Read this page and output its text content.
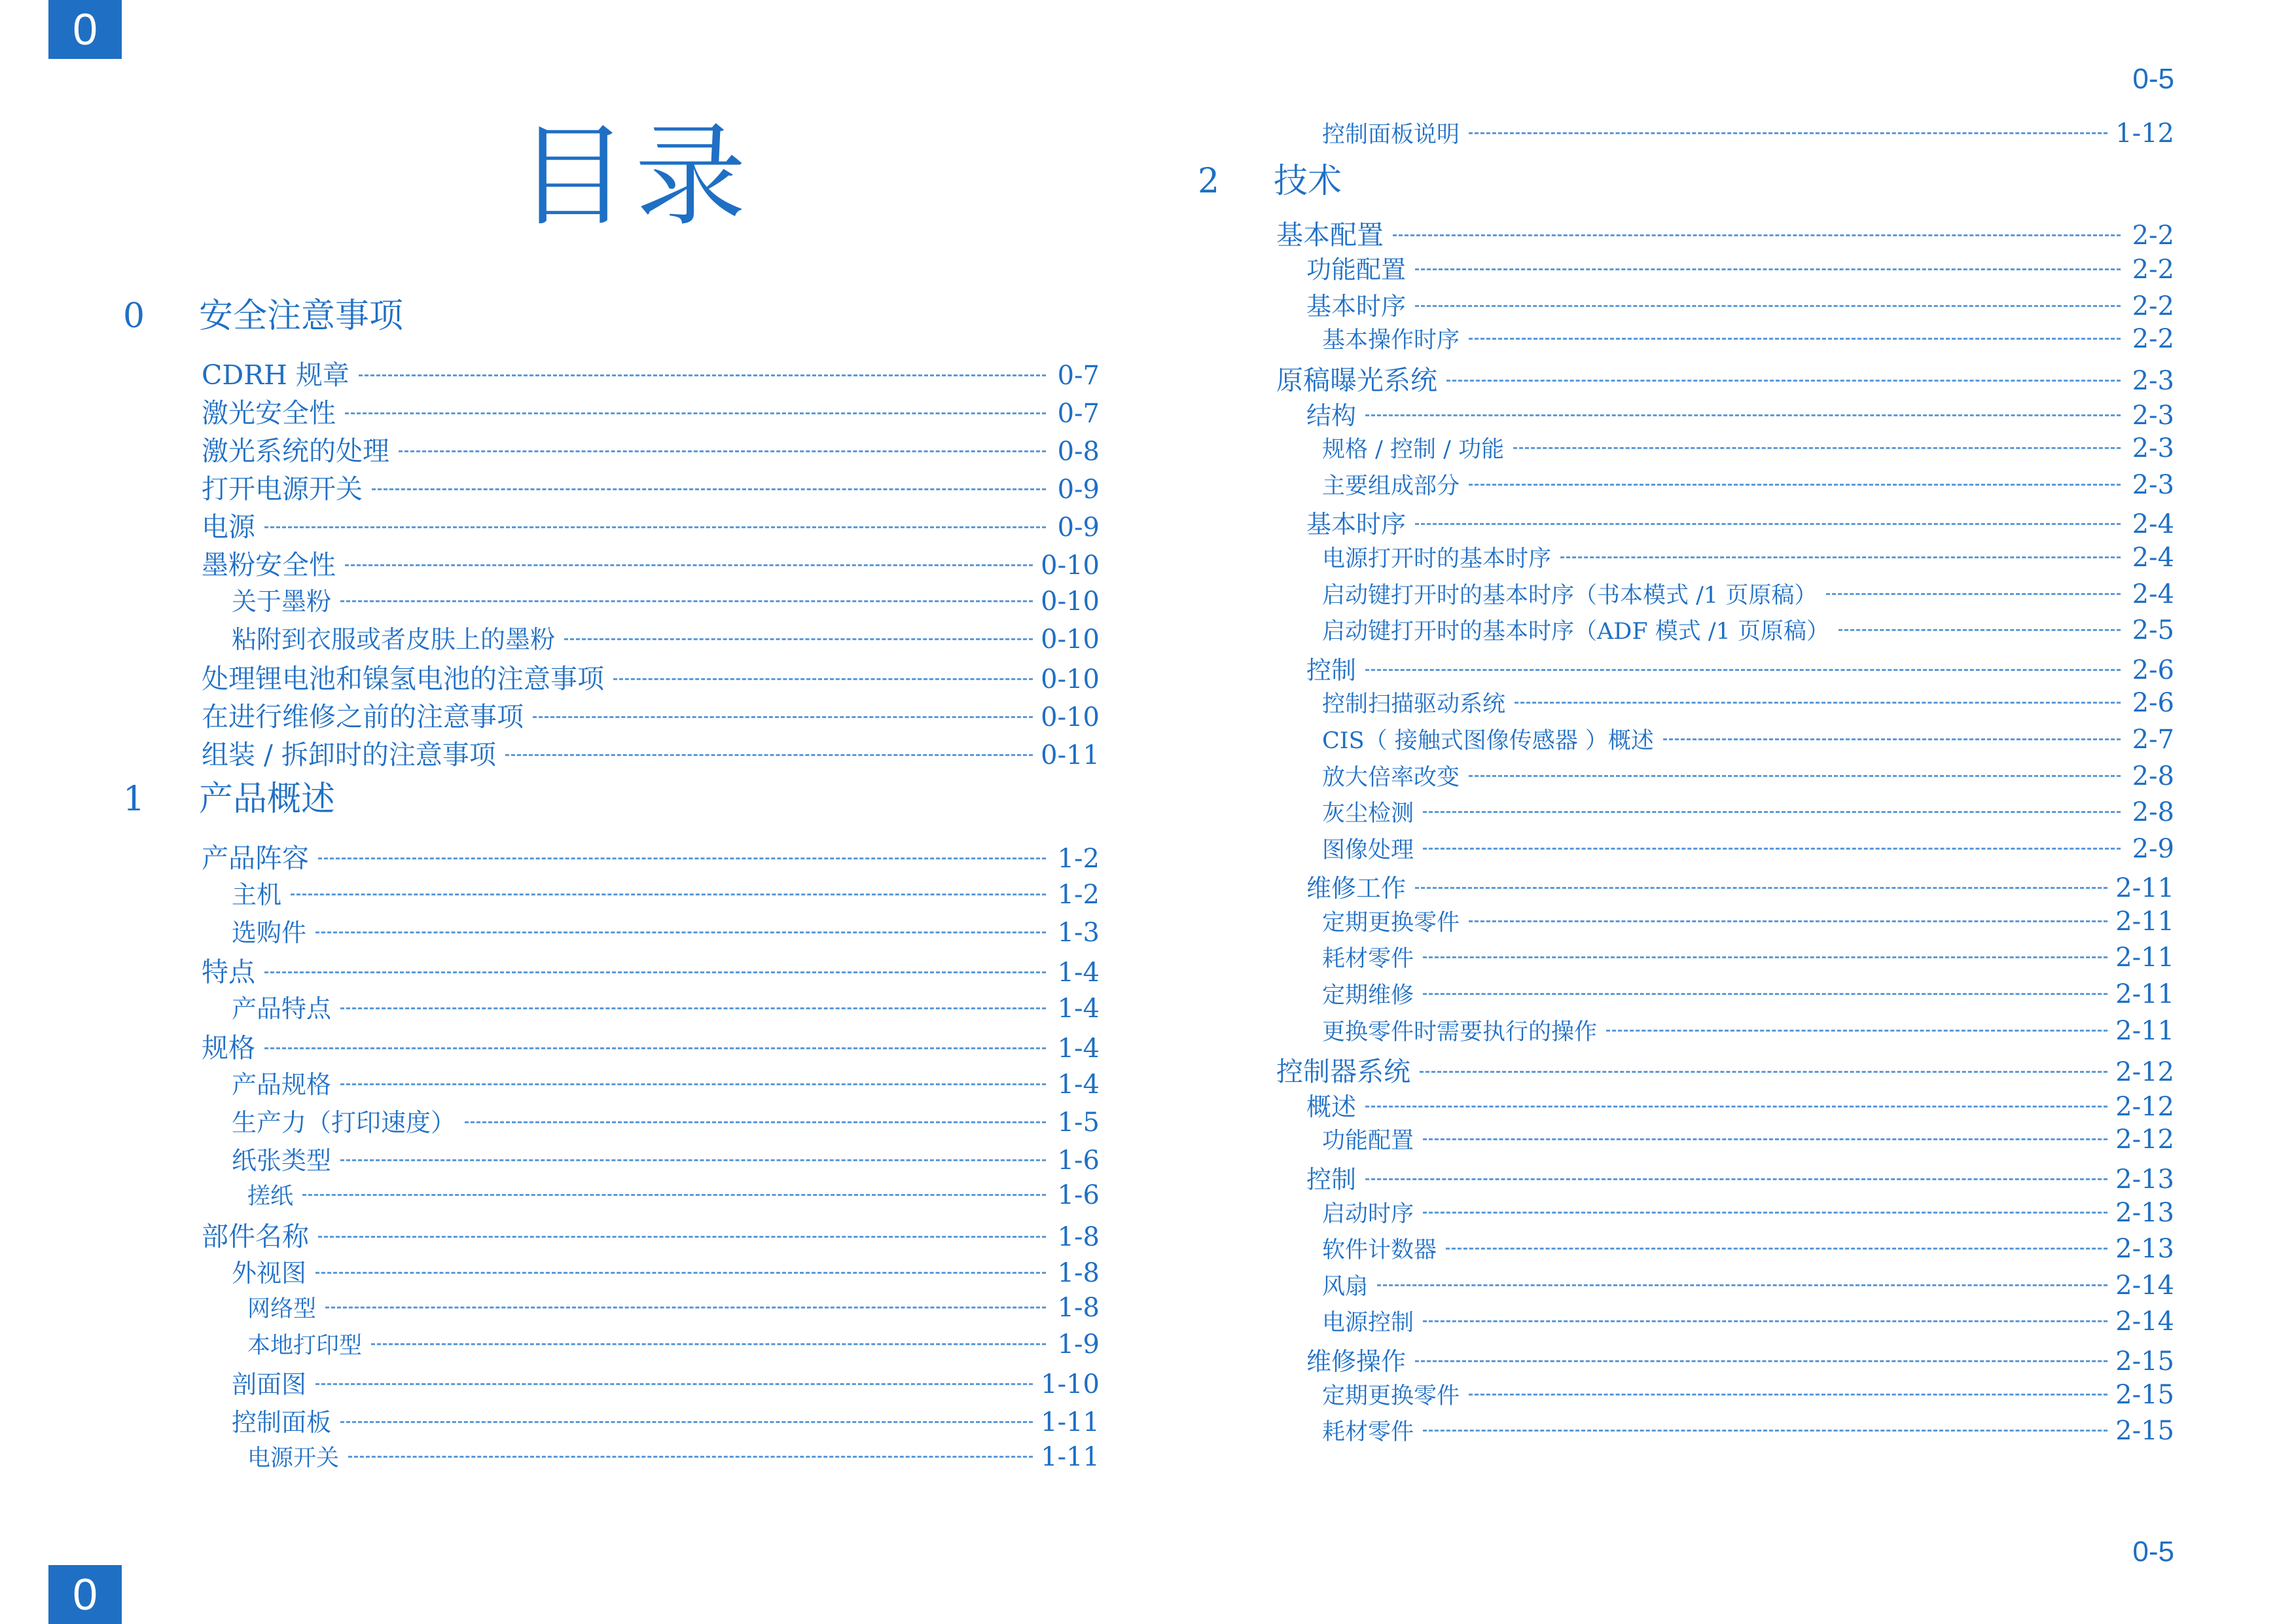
0
0-5
目录
0	安全注意事项
CDRH 规章	0-7
激光安全性	0-7
激光系统的处理	0-8
打开电源开关	0-9
电源	0-9
墨粉安全性	0-10
关于墨粉	0-10
粘附到衣服或者皮肤上的墨粉	0-10
处理锂电池和镍氢电池的注意事项	0-10
在进行维修之前的注意事项	0-10
组装 / 拆卸时的注意事项	0-11
1	产品概述
产品阵容	1-2
主机	1-2
选购件	1-3
特点	1-4
产品特点	1-4
规格	1-4
产品规格	1-4
生产力（打印速度）	1-5
纸张类型	1-6
搓纸	1-6
部件名称	1-8
外视图	1-8
网络型	1-8
本地打印型	1-9
剖面图	1-10
控制面板	1-11
电源开关	1-11
控制面板说明	1-12
2	技术
基本配置	2-2
功能配置	2-2
基本时序	2-2
基本操作时序	2-2
原稿曝光系统	2-3
结构	2-3
规格 / 控制 / 功能	2-3
主要组成部分	2-3
基本时序	2-4
电源打开时的基本时序	2-4
启动键打开时的基本时序（书本模式 /1 页原稿）	2-4
启动键打开时的基本时序（ADF 模式 /1 页原稿）	2-5
控制	2-6
控制扫描驱动系统	2-6
CIS（ 接触式图像传感器 ）概述	2-7
放大倍率改变	2-8
灰尘检测	2-8
图像处理	2-9
维修工作	2-11
定期更换零件	2-11
耗材零件	2-11
定期维修	2-11
更换零件时需要执行的操作	2-11
控制器系统	2-12
概述	2-12
功能配置	2-12
控制	2-13
启动时序	2-13
软件计数器	2-13
风扇	2-14
电源控制	2-14
维修操作	2-15
定期更换零件	2-15
耗材零件	2-15
0
0-5
